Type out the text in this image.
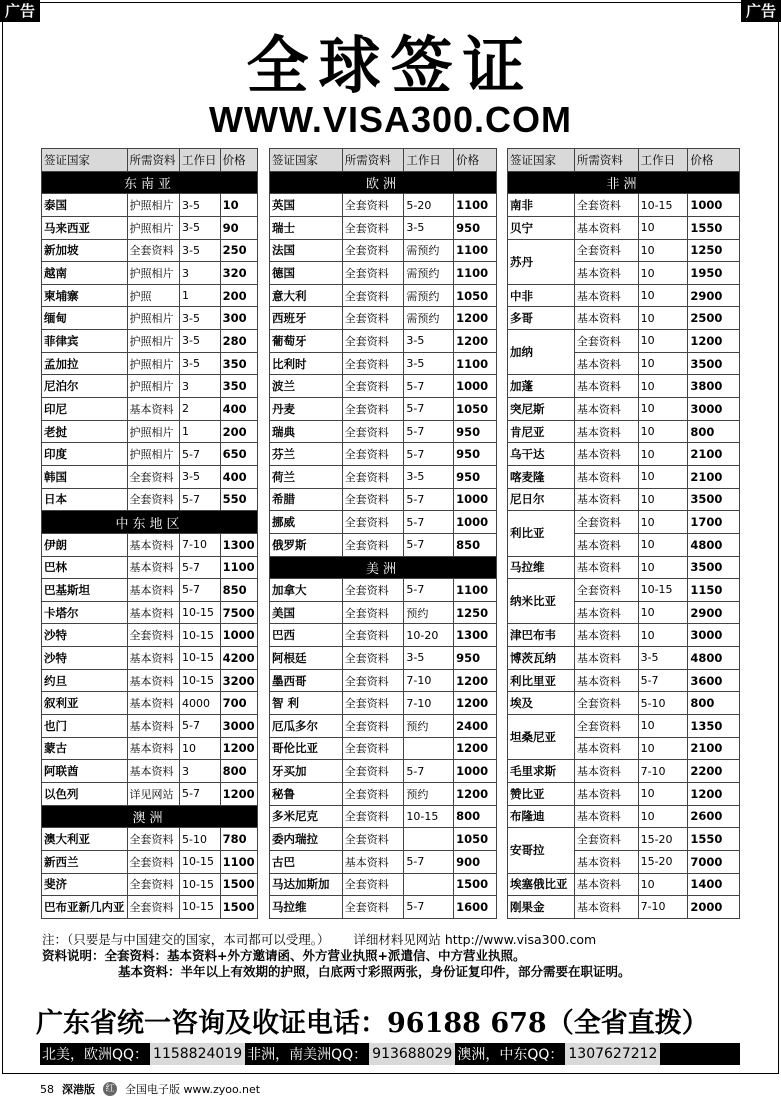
广告	广告
全球签证
WWW.VISA300.COM
签证国家	所需资料	工作日	价格
东南亚			
泰国	护照相片	3-5	10
马来西亚	护照相片	3-5	90
新加坡	全套资料	3-5	250
越南	护照相片	3	320
柬埔寨	护照	1	200
缅甸	护照相片	3-5	300
菲律宾	护照相片	3-5	280
孟加拉	护照相片	3-5	350
尼泊尔	护照相片	3	350
印尼	基本资料	2	400
老挝	护照相片	1	200
印度	护照相片	5-7	650
韩国	全套资料	3-5	400
日本	全套资料	5-7	550
中东地区			
伊朗	基本资料	7-10	1300
巴林	基本资料	5-7	1100
巴基斯坦	基本资料	5-7	850
卡塔尔	基本资料	10-15	7500
沙特	全套资料	10-15	1000
沙特	基本资料	10-15	4200
约旦	基本资料	10-15	3200
叙利亚	基本资料	4000	700
也门	基本资料	5-7	3000
蒙古	基本资料	10	1200
阿联酋	基本资料	3	800
以色列	详见网站	5-7	1200
澳洲			
澳大利亚	全套资料	5-10	780
新西兰	全套资料	10-15	1100
斐济	全套资料	10-15	1500
巴布亚新几内亚	全套资料	10-15	1500
签证国家	所需资料	工作日	价格
欧洲			
英国	全套资料	5-20	1100
瑞士	全套资料	3-5	950
法国	全套资料	需预约	1100
德国	全套资料	需预约	1100
意大利	全套资料	需预约	1050
西班牙	全套资料	需预约	1200
葡萄牙	全套资料	3-5	1200
比利时	全套资料	3-5	1100
波兰	全套资料	5-7	1000
丹麦	全套资料	5-7	1050
瑞典	全套资料	5-7	950
芬兰	全套资料	5-7	950
荷兰	全套资料	3-5	950
希腊	全套资料	5-7	1000
挪威	全套资料	5-7	1000
俄罗斯	全套资料	5-7	850
美洲			
加拿大	全套资料	5-7	1100
美国	全套资料	预约	1250
巴西	全套资料	10-20	1300
阿根廷	全套资料	3-5	950
墨西哥	全套资料	7-10	1200
智 利	全套资料	7-10	1200
厄瓜多尔	全套资料	预约	2400
哥伦比亚	全套资料		1200
牙买加	全套资料	5-7	1000
秘鲁	全套资料	预约	1200
多米尼克	全套资料	10-15	800
委内瑞拉	全套资料		1050
古巴	基本资料	5-7	900
马达加斯加	全套资料		1500
马拉维	全套资料	5-7	1600
签证国家	所需资料	工作日	价格
非洲			
南非	全套资料	10-15	1000
贝宁	基本资料	10	1550
苏丹	全套资料	10	1250
	基本资料	10	1950
中非	基本资料	10	2900
多哥	基本资料	10	2500
加纳	全套资料	10	1200
	基本资料	10	3500
加蓬	基本资料	10	3800
突尼斯	基本资料	10	3000
肯尼亚	基本资料	10	800
乌干达	基本资料	10	2100
喀麦隆	基本资料	10	2100
尼日尔	基本资料	10	3500
利比亚	全套资料	10	1700
	基本资料	10	4800
马拉维	基本资料	10	3500
纳米比亚	全套资料	10-15	1150
	基本资料	10	2900
津巴布韦	基本资料	10	3000
博茨瓦纳	基本资料	3-5	4800
利比里亚	基本资料	5-7	3600
埃及	全套资料	5-10	800
坦桑尼亚	全套资料	10	1350
	基本资料	10	2100
毛里求斯	基本资料	7-10	2200
赞比亚	基本资料	10	1200
布隆迪	基本资料	10	2600
安哥拉	全套资料	15-20	1550
	基本资料	15-20	7000
埃塞俄比亚	基本资料	10	1400
刚果金	基本资料	7-10	2000
注：（只要是与中国建交的国家，本司都可以受理。） 详细材料见网站 http://www.visa300.com
资料说明：全套资料：基本资料+外方邀请函、外方营业执照+派遣信、中方营业执照。
基本资料：半年以上有效期的护照，白底两寸彩照两张，身份证复印件，部分需要在职证明。
广东省统一咨询及收证电话：96188 678（全省直拨）
北美，欧洲QQ： 1158824019 非洲，南美洲QQ： 913688029 澳洲，中东QQ： 1307627212
58 深港版 红 全国电子版 www.zyoo.net
